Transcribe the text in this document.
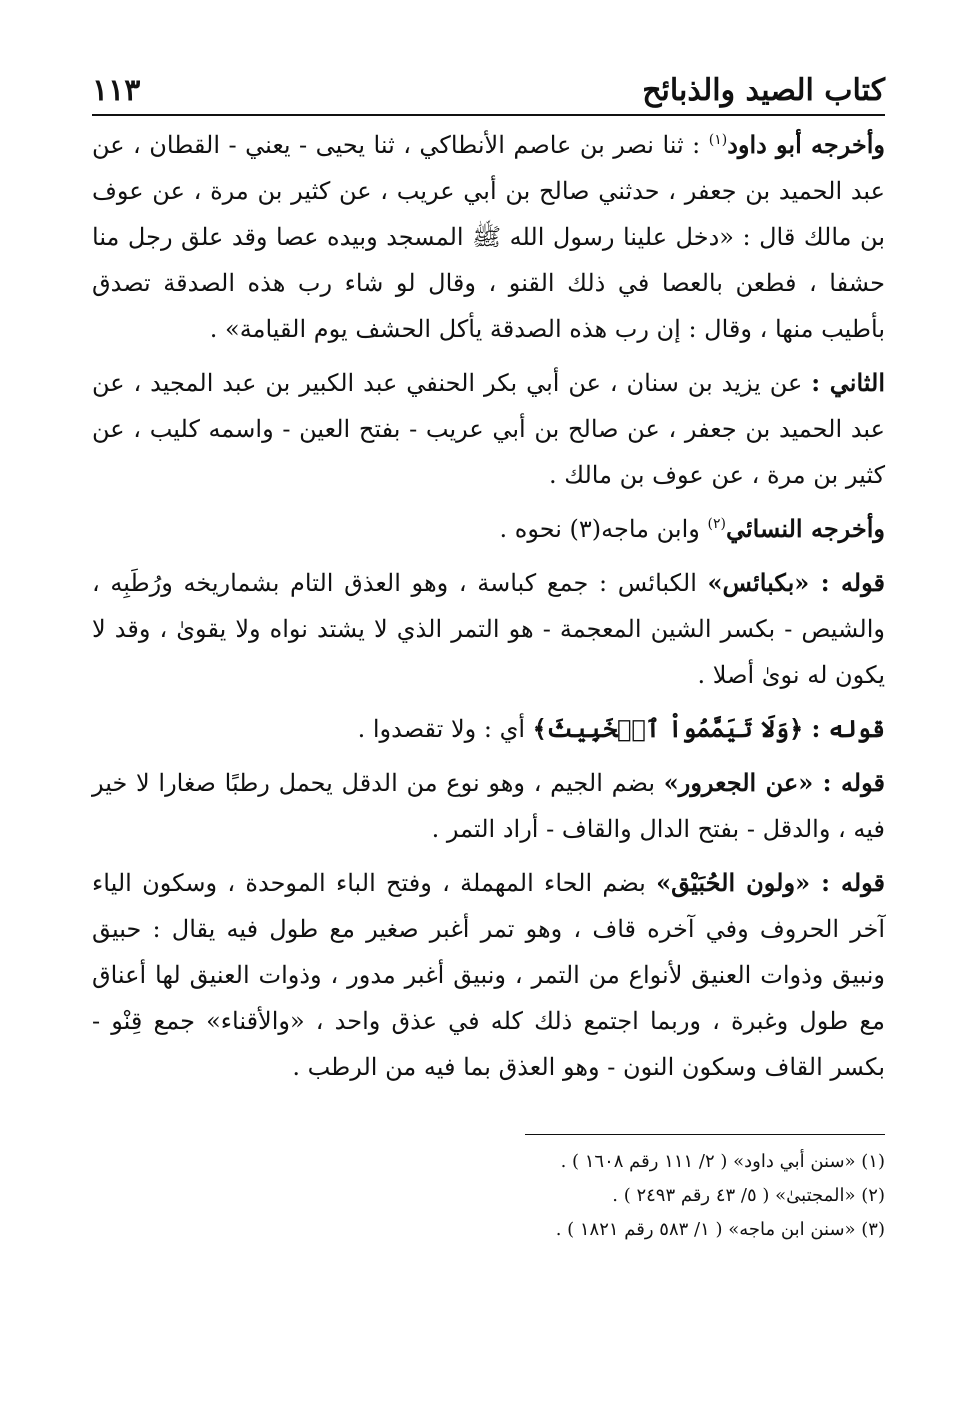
كتاب الصيد والذبائح
١١٣

وأخرجه أبو داود$^{(١)}$ : ثنا نصر بن عاصم الأنطاكي ، ثنا يحيى - يعني - القطان ، عن عبد الحميد بن جعفر ، حدثني صالح بن أبي عريب ، عن كثير بن مرة ، عن عوف بن مالك قال : «دخل علينا رسول الله ﷺ المسجد وبيده عصا وقد علق رجل منا حشفا ، فطعن بالعصا في ذلك القنو ، وقال لو شاء رب هذه الصدقة تصدق بأطيب منها ، وقال : إن رب هذه الصدقة يأكل الحشف يوم القيامة» .

الثاني : عن يزيد بن سنان ، عن أبي بكر الحنفي عبد الكبير بن عبد المجيد ، عن عبد الحميد بن جعفر ، عن صالح بن أبي عريب - بفتح العين - واسمه كليب ، عن كثير بن مرة ، عن عوف بن مالك .

وأخرجه النسائي$^{(٢)}$ وابن ماجه(٣) نحوه .

قوله : «بكبائس» الكبائس : جمع كباسة ، وهو العذق التام بشماريخه ورُطَبِه ، والشيص - بكسر الشين المعجمة - هو التمر الذي لا يشتد نواه ولا يقوىٰ ، وقد لا يكون له نوىٰ أصلا .

قوله : ﴿وَلَا تَيَمَّمُواْ ٱلۡخَبِيثَ﴾ أي : ولا تقصدوا .

قوله : «عن الجعرور» بضم الجيم ، وهو نوع من الدقل يحمل رطبًا صغارا لا خير فيه ، والدقل - بفتح الدال والقاف - أراد التمر .

قوله : «ولون الحُبَيْق» بضم الحاء المهملة ، وفتح الباء الموحدة ، وسكون الياء آخر الحروف وفي آخره قاف ، وهو تمر أغبر صغير مع طول فيه يقال : حبيق ونبيق وذوات العنيق لأنواع من التمر ، ونبيق أغبر مدور ، وذوات العنيق لها أعناق مع طول وغبرة ، وربما اجتمع ذلك كله في عذق واحد ، «والأقناء» جمع قِنْو - بكسر القاف وسكون النون - وهو العذق بما فيه من الرطب .

(١) «سنن أبي داود» ( ٢/ ١١١ رقم ١٦٠٨ ) .

(٢) «المجتبىٰ» ( ٥/ ٤٣ رقم ٢٤٩٣ ) .

(٣) «سنن ابن ماجه» ( ١/ ٥٨٣ رقم ١٨٢١ ) .
